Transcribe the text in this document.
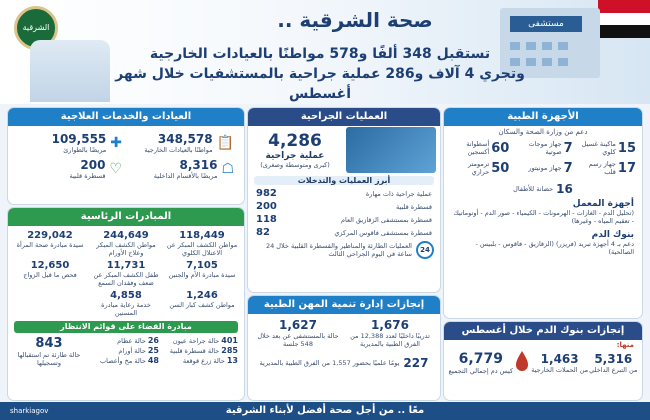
مستشفى
الشرقية	صحة الشرقية ..
تستقبل 348 ألفًا و578 مواطنًا بالعيادات الخارجية
وتجري 4 آلاف و286 عملية جراحية بالمستشفيات خلال شهر أغسطس
الأجهزة الطبية
دعم من وزارة الصحة والسكان
15
ماكينة غسيل كلوي
7
جهاز موجات صوتية
60
أسطوانة أكسجين
17
جهاز رسم قلب
7
جهاز مونيتور
50
ترمومتر حراري
16
حضانة للأطفال
أجهزة المعمل
(تحليل الدم - الغازات - الهرمونات - الكيمياء - صور الدم - أوتوماتيك - تعقيم المياه - وغيرها)
بنوك الدم
دعم بـ 4 أجهزة تبريد (فريزر) (الزقازيق - فاقوس - بلبيس - الصالحية)
إنجازات بنوك الدم خلال أغسطس
منها:
5,316
من التبرع الداخلي
1,463
من الحملات الخارجية
6,779
كيس دم إجمالي التجميع
العمليات الجراحية
4,286
عملية جراحية
(كبرى ومتوسطة وصغرى)
أبرز العمليات والتدخلات
عملية جراحية ذات مهارة
982
قسطرة قلبية
200
قسطرة بمستشفى الزقازيق العام
118
قسطرة بمستشفى فاقوس المركزي
82
24
العمليات الطارئة والمناظير والقسطرة القلبية خلال 24 ساعة في اليوم الجراحي الثالث
إنجازات إدارة تنمية المهن الطبية
1,676
تدريبًا داخليًا لعدد 12,388 من الفرق الطبية بالمديرية
1,627
حالة بالمستشفى عن بعد خلال 548 جلسة
227
يومًا علميًا بحضور 1,557 من الفرق الطبية بالمديرية
العيادات والخدمات العلاجية
📋
348,578
مواطنًا بالعيادات الخارجية
✚
109,555
مريضًا بالطوارئ
☖
8,316
مريضًا بالأقسام الداخلية
♡
200
قسطرة قلبية
المبادرات الرئاسية
118,449
مواطن الكشف المبكر عن الاعتلال الكلوي
244,649
مواطن الكشف المبكر وعلاج الأورام
229,042
سيدة مبادرة صحة المرأة
7,105
سيدة مبادرة الأم والجنين
11,731
طفل الكشف المبكر عن ضعف وفقدان السمع
12,650
فحص ما قبل الزواج
1,246
مواطن كشف كبار السن
4,858
خدمة رعاية مبادرة المسنين
مبادرة القضاء على قوائم الانتظار
401
حالة جراحة عيون
26
حالة عظام
285
حالة قسطرة قلبية
25
حالة أورام
13
حالة زرع قوقعة
48
حالة مخ وأعصاب
843
حالة طارئة تم استقبالها وتسجيلها
معًا .. من أجل صحة أفضل لأبناء الشرقية
sharkiagov
